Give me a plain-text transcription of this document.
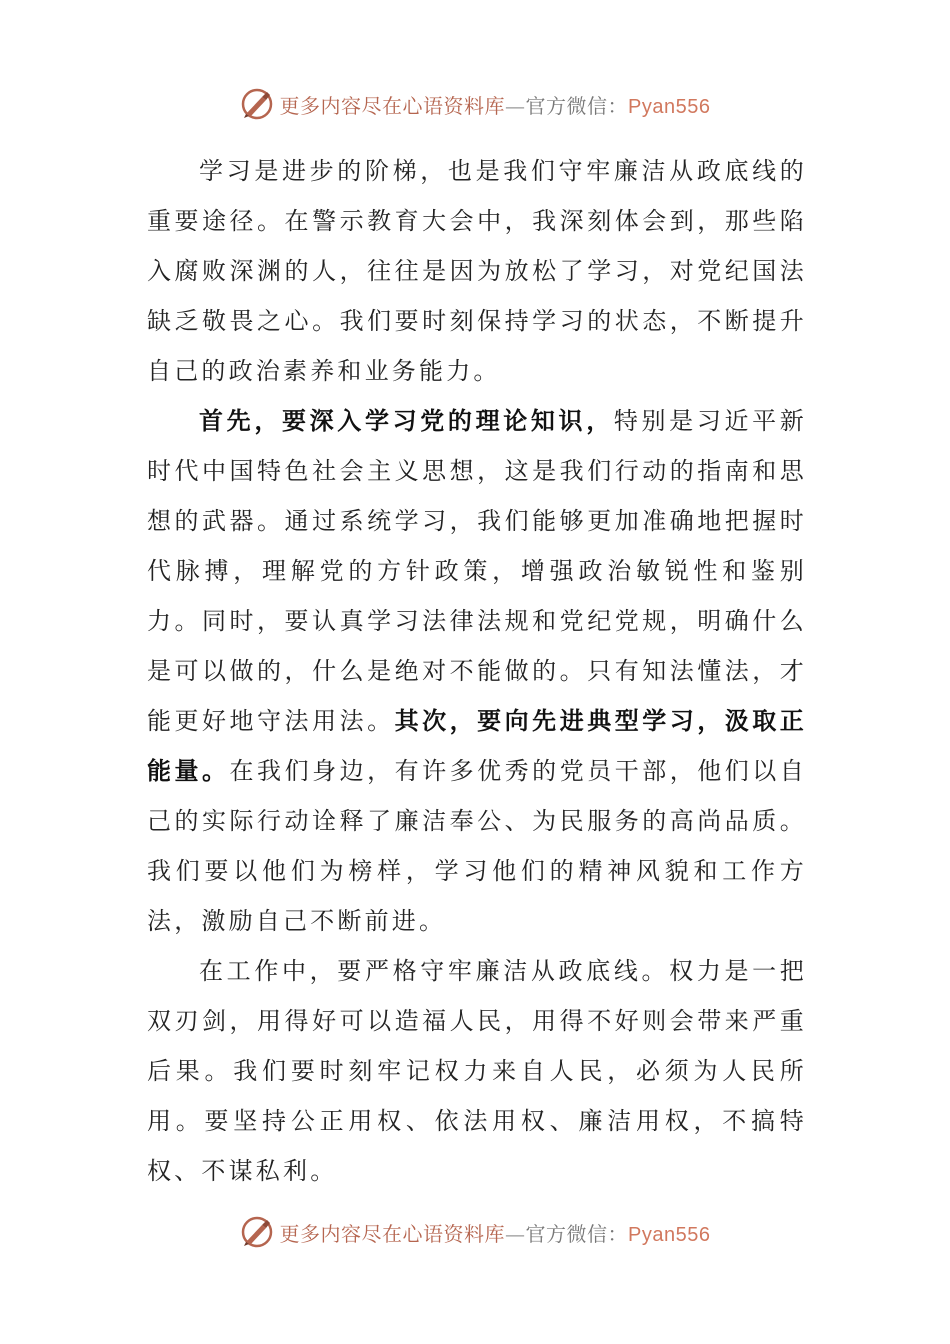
更多内容尽在心语资料库—官方微信：Pyan556

学习是进步的阶梯，也是我们守牢廉洁从政底线的重要途径。在警示教育大会中，我深刻体会到，那些陷入腐败深渊的人，往往是因为放松了学习，对党纪国法缺乏敬畏之心。我们要时刻保持学习的状态，不断提升自己的政治素养和业务能力。

首先，要深入学习党的理论知识，特别是习近平新时代中国特色社会主义思想，这是我们行动的指南和思想的武器。通过系统学习，我们能够更加准确地把握时代脉搏，理解党的方针政策，增强政治敏锐性和鉴别力。同时，要认真学习法律法规和党纪党规，明确什么是可以做的，什么是绝对不能做的。只有知法懂法，才能更好地守法用法。其次，要向先进典型学习，汲取正能量。在我们身边，有许多优秀的党员干部，他们以自己的实际行动诠释了廉洁奉公、为民服务的高尚品质。我们要以他们为榜样，学习他们的精神风貌和工作方法，激励自己不断前进。

在工作中，要严格守牢廉洁从政底线。权力是一把双刃剑，用得好可以造福人民，用得不好则会带来严重后果。我们要时刻牢记权力来自人民，必须为人民所用。要坚持公正用权、依法用权、廉洁用权，不搞特权、不谋私利。

更多内容尽在心语资料库—官方微信：Pyan556
